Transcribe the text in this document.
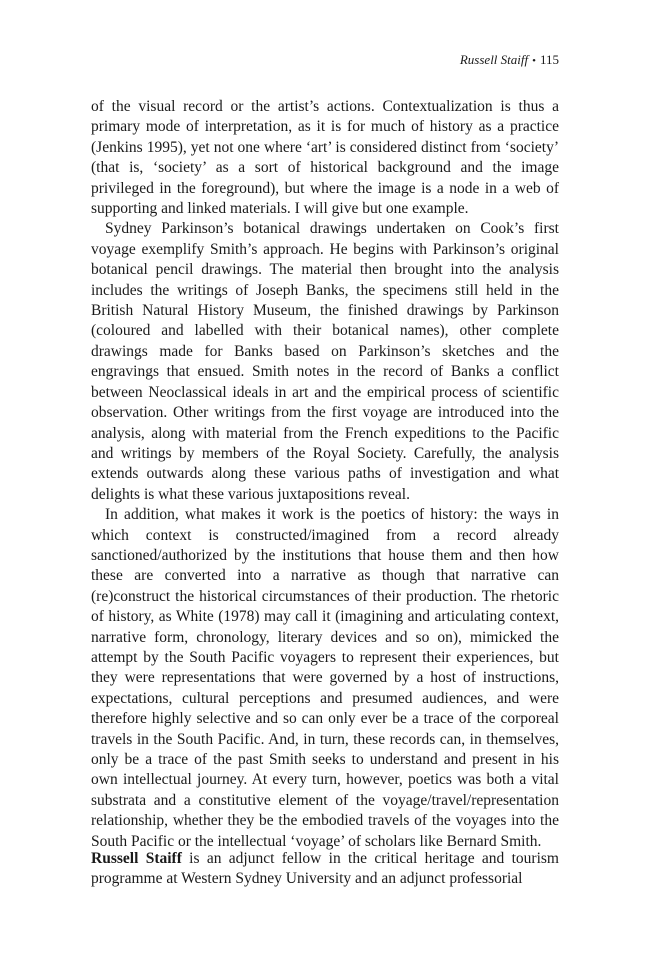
Russell Staiff • 115

of the visual record or the artist’s actions. Contextualization is thus a primary mode of interpretation, as it is for much of history as a practice (Jenkins 1995), yet not one where ‘art’ is considered distinct from ‘society’ (that is, ‘society’ as a sort of historical background and the image privileged in the foreground), but where the image is a node in a web of supporting and linked materials. I will give but one example.

Sydney Parkinson’s botanical drawings undertaken on Cook’s first voyage exemplify Smith’s approach. He begins with Parkinson’s original botanical pencil drawings. The material then brought into the analysis includes the writings of Joseph Banks, the specimens still held in the British Natural History Museum, the finished drawings by Parkinson (coloured and labelled with their botanical names), other complete drawings made for Banks based on Parkinson’s sketches and the engravings that ensued. Smith notes in the record of Banks a conflict between Neoclassical ideals in art and the empirical process of scientific observation. Other writings from the first voyage are introduced into the analysis, along with material from the French expeditions to the Pacific and writings by members of the Royal Society. Carefully, the analysis extends outwards along these various paths of investigation and what delights is what these various juxtapositions reveal.

In addition, what makes it work is the poetics of history: the ways in which context is constructed/imagined from a record already sanctioned/authorized by the institutions that house them and then how these are converted into a narrative as though that narrative can (re)construct the historical circumstances of their production. The rhetoric of history, as White (1978) may call it (imagining and articulating context, narrative form, chronology, literary devices and so on), mimicked the attempt by the South Pacific voyagers to represent their experiences, but they were representations that were governed by a host of instructions, expectations, cultural perceptions and presumed audiences, and were therefore highly selective and so can only ever be a trace of the corporeal travels in the South Pacific. And, in turn, these records can, in themselves, only be a trace of the past Smith seeks to understand and present in his own intellectual journey. At every turn, however, poetics was both a vital substrata and a constitutive element of the voyage/travel/representation relationship, whether they be the embodied travels of the voyages into the South Pacific or the intellectual ‘voyage’ of scholars like Bernard Smith.

Russell Staiff is an adjunct fellow in the critical heritage and tourism programme at Western Sydney University and an adjunct professorial
